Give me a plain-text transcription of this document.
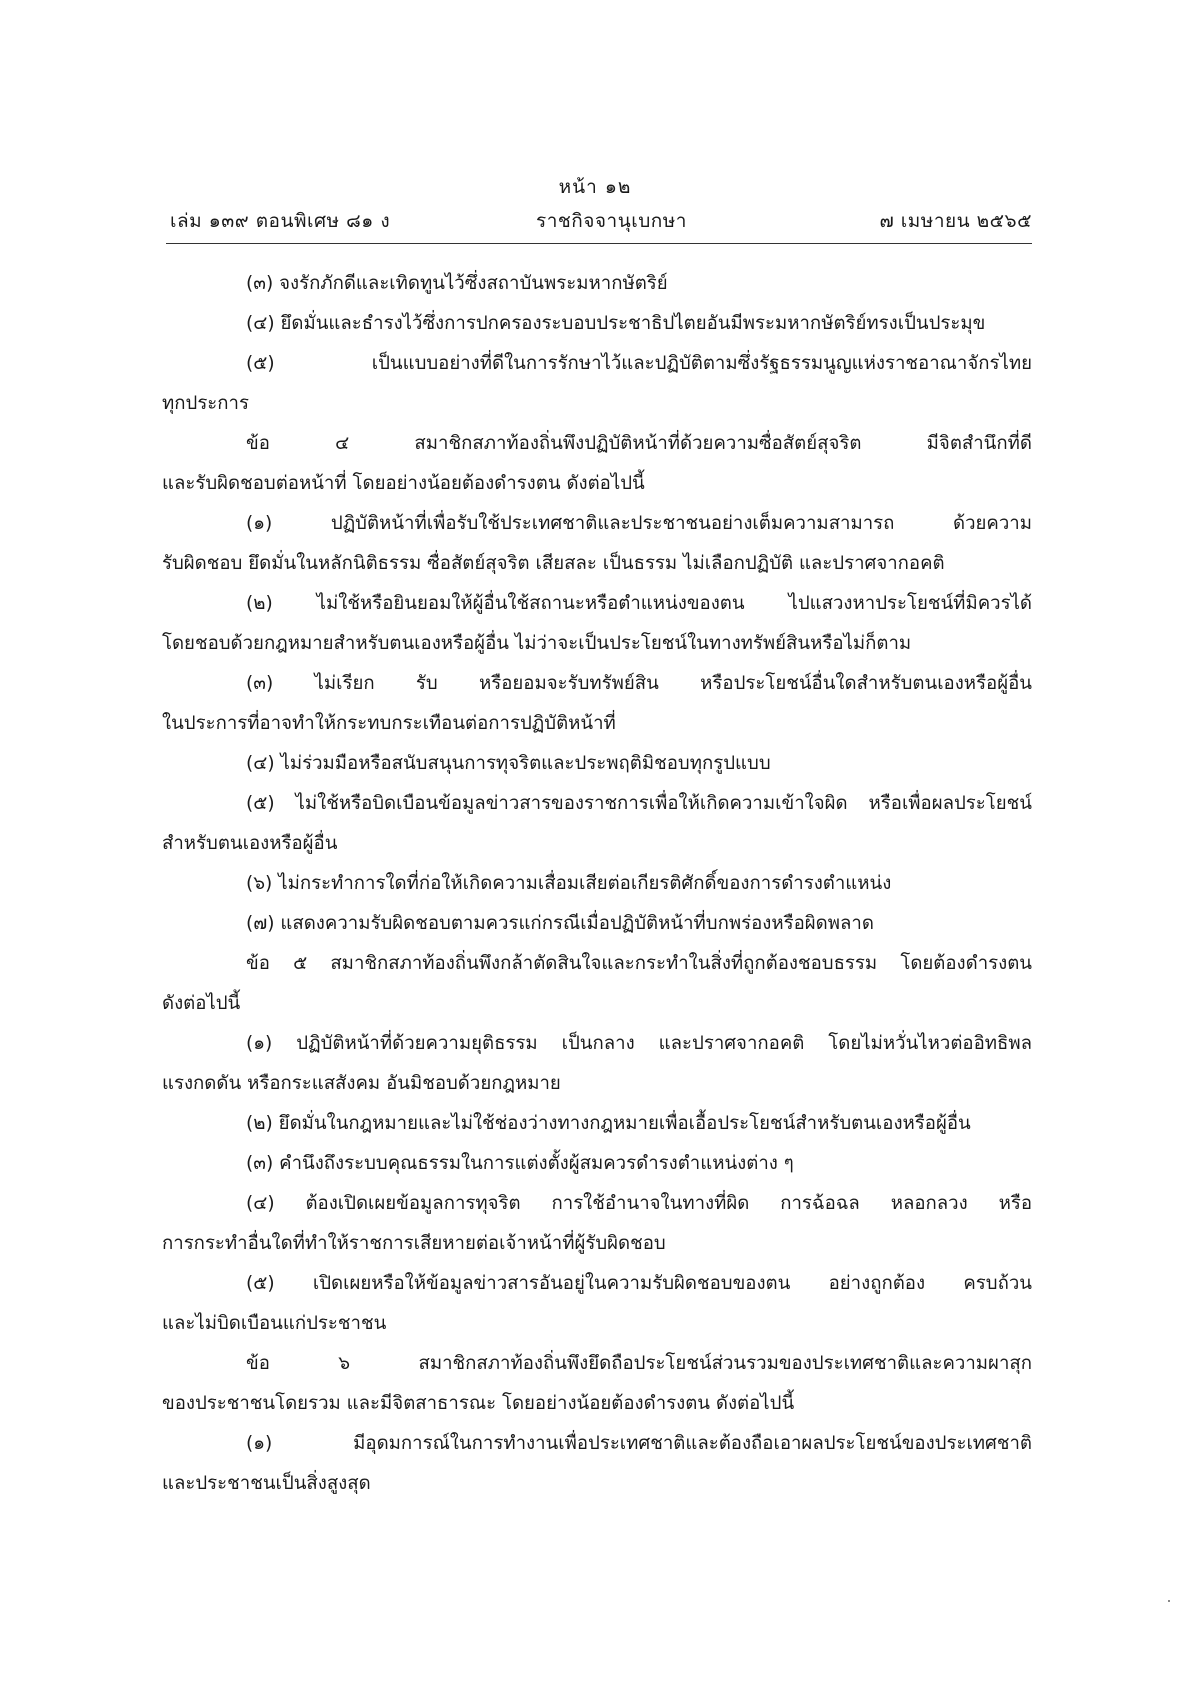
หน้า ๑๒
เล่ม ๑๓๙ ตอนพิเศษ ๘๑ ง	ราชกิจจานุเบกษา	๗ เมษายน ๒๕๖๕

(๓) จงรักภักดีและเทิดทูนไว้ซึ่งสถาบันพระมหากษัตริย์

(๔) ยึดมั่นและธำรงไว้ซึ่งการปกครองระบอบประชาธิปไตยอันมีพระมหากษัตริย์ทรงเป็นประมุข

(๕) เป็นแบบอย่างที่ดีในการรักษาไว้และปฏิบัติตามซึ่งรัฐธรรมนูญแห่งราชอาณาจักรไทย

ทุกประการ

ข้อ ๔ สมาชิกสภาท้องถิ่นพึงปฏิบัติหน้าที่ด้วยความซื่อสัตย์สุจริต มีจิตสำนึกที่ดี

และรับผิดชอบต่อหน้าที่ โดยอย่างน้อยต้องดำรงตน ดังต่อไปนี้

(๑) ปฏิบัติหน้าที่เพื่อรับใช้ประเทศชาติและประชาชนอย่างเต็มความสามารถ ด้วยความ

รับผิดชอบ ยึดมั่นในหลักนิติธรรม ซื่อสัตย์สุจริต เสียสละ เป็นธรรม ไม่เลือกปฏิบัติ และปราศจากอคติ

(๒) ไม่ใช้หรือยินยอมให้ผู้อื่นใช้สถานะหรือตำแหน่งของตน ไปแสวงหาประโยชน์ที่มิควรได้

โดยชอบด้วยกฎหมายสำหรับตนเองหรือผู้อื่น ไม่ว่าจะเป็นประโยชน์ในทางทรัพย์สินหรือไม่ก็ตาม

(๓) ไม่เรียก รับ หรือยอมจะรับทรัพย์สิน หรือประโยชน์อื่นใดสำหรับตนเองหรือผู้อื่น

ในประการที่อาจทำให้กระทบกระเทือนต่อการปฏิบัติหน้าที่

(๔) ไม่ร่วมมือหรือสนับสนุนการทุจริตและประพฤติมิชอบทุกรูปแบบ

(๕) ไม่ใช้หรือบิดเบือนข้อมูลข่าวสารของราชการเพื่อให้เกิดความเข้าใจผิด หรือเพื่อผลประโยชน์

สำหรับตนเองหรือผู้อื่น

(๖) ไม่กระทำการใดที่ก่อให้เกิดความเสื่อมเสียต่อเกียรติศักดิ์ของการดำรงตำแหน่ง

(๗) แสดงความรับผิดชอบตามควรแก่กรณีเมื่อปฏิบัติหน้าที่บกพร่องหรือผิดพลาด

ข้อ ๕ สมาชิกสภาท้องถิ่นพึงกล้าตัดสินใจและกระทำในสิ่งที่ถูกต้องชอบธรรม โดยต้องดำรงตน

ดังต่อไปนี้

(๑) ปฏิบัติหน้าที่ด้วยความยุติธรรม เป็นกลาง และปราศจากอคติ โดยไม่หวั่นไหวต่ออิทธิพล

แรงกดดัน หรือกระแสสังคม อันมิชอบด้วยกฎหมาย

(๒) ยึดมั่นในกฎหมายและไม่ใช้ช่องว่างทางกฎหมายเพื่อเอื้อประโยชน์สำหรับตนเองหรือผู้อื่น

(๓) คำนึงถึงระบบคุณธรรมในการแต่งตั้งผู้สมควรดำรงตำแหน่งต่าง ๆ

(๔) ต้องเปิดเผยข้อมูลการทุจริต การใช้อำนาจในทางที่ผิด การฉ้อฉล หลอกลวง หรือ

การกระทำอื่นใดที่ทำให้ราชการเสียหายต่อเจ้าหน้าที่ผู้รับผิดชอบ

(๕) เปิดเผยหรือให้ข้อมูลข่าวสารอันอยู่ในความรับผิดชอบของตน อย่างถูกต้อง ครบถ้วน

และไม่บิดเบือนแก่ประชาชน

ข้อ ๖ สมาชิกสภาท้องถิ่นพึงยึดถือประโยชน์ส่วนรวมของประเทศชาติและความผาสุก

ของประชาชนโดยรวม และมีจิตสาธารณะ โดยอย่างน้อยต้องดำรงตน ดังต่อไปนี้

(๑) มีอุดมการณ์ในการทำงานเพื่อประเทศชาติและต้องถือเอาผลประโยชน์ของประเทศชาติ

และประชาชนเป็นสิ่งสูงสุด
